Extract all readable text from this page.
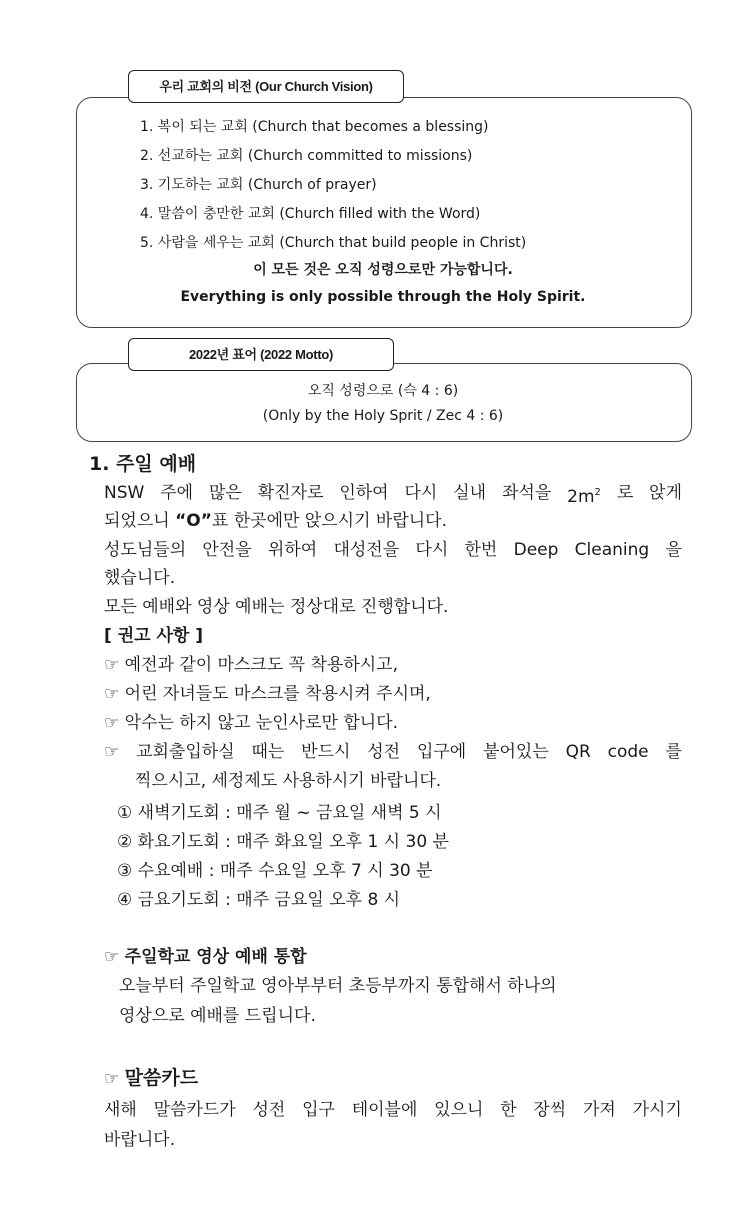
우리 교회의 비전 (Our Church Vision)
1. 복이 되는 교회 (Church that becomes a blessing)
2. 선교하는 교회 (Church committed to missions)
3. 기도하는 교회 (Church of prayer)
4. 말씀이 충만한 교회 (Church filled with the Word)
5. 사람을 세우는 교회 (Church that build people in Christ)
이 모든 것은 오직 성령으로만 가능합니다.
Everything is only possible through the Holy Spirit.
2022년 표어 (2022 Motto)
오직 성령으로 (슥 4 : 6)
(Only by the Holy Sprit / Zec 4 : 6)
1. 주일 예배
NSW 주에 많은 확진자로 인하여 다시 실내 좌석을 $2m^2$ 로 앉게
되었으니 “O”표 한곳에만 앉으시기 바랍니다.
성도님들의 안전을 위하여 대성전을 다시 한번 Deep Cleaning 을
했습니다.
모든 예배와 영상 예배는 정상대로 진행합니다.
[ 권고 사항 ]
☞ 예전과 같이 마스크도 꼭 착용하시고,
☞ 어린 자녀들도 마스크를 착용시켜 주시며,
☞ 악수는 하지 않고 눈인사로만 합니다.
☞ 교회출입하실 때는 반드시 성전 입구에 붙어있는 QR code 를
찍으시고, 세정제도 사용하시기 바랍니다.
① 새벽기도회 : 매주 월 ~ 금요일 새벽 5 시
② 화요기도회 : 매주 화요일 오후 1 시 30 분
③ 수요예배 : 매주 수요일 오후 7 시 30 분
④ 금요기도회 : 매주 금요일 오후 8 시
☞ 주일학교 영상 예배 통합
오늘부터 주일학교 영아부부터 초등부까지 통합해서 하나의
영상으로 예배를 드립니다.
☞ 말씀카드
새해 말씀카드가 성전 입구 테이블에 있으니 한 장씩 가져 가시기
바랍니다.
